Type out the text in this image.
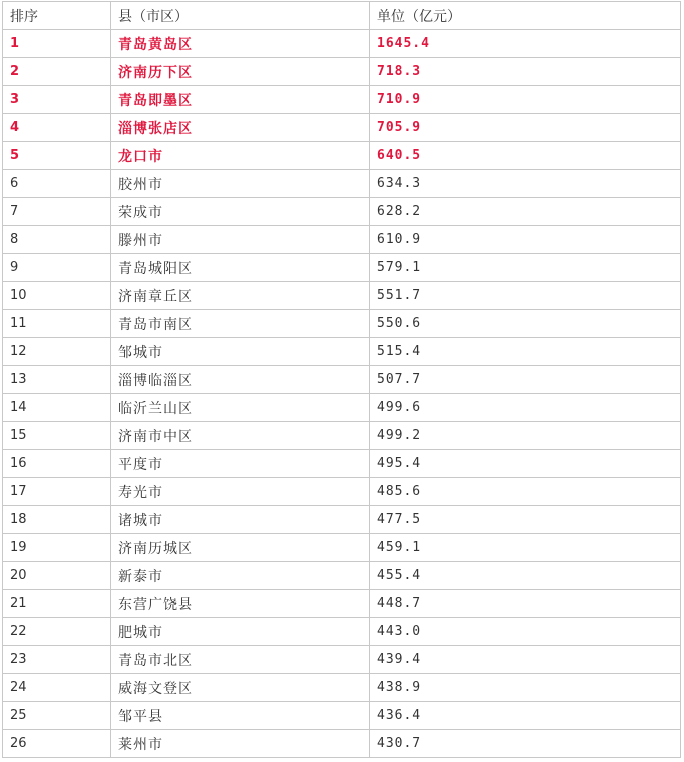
排序	县（市区）	单位（亿元）
1	青岛黄岛区	1645.4
2	济南历下区	718.3
3	青岛即墨区	710.9
4	淄博张店区	705.9
5	龙口市	640.5
6	胶州市	634.3
7	荣成市	628.2
8	滕州市	610.9
9	青岛城阳区	579.1
10	济南章丘区	551.7
11	青岛市南区	550.6
12	邹城市	515.4
13	淄博临淄区	507.7
14	临沂兰山区	499.6
15	济南市中区	499.2
16	平度市	495.4
17	寿光市	485.6
18	诸城市	477.5
19	济南历城区	459.1
20	新泰市	455.4
21	东营广饶县	448.7
22	肥城市	443.0
23	青岛市北区	439.4
24	威海文登区	438.9
25	邹平县	436.4
26	莱州市	430.7
